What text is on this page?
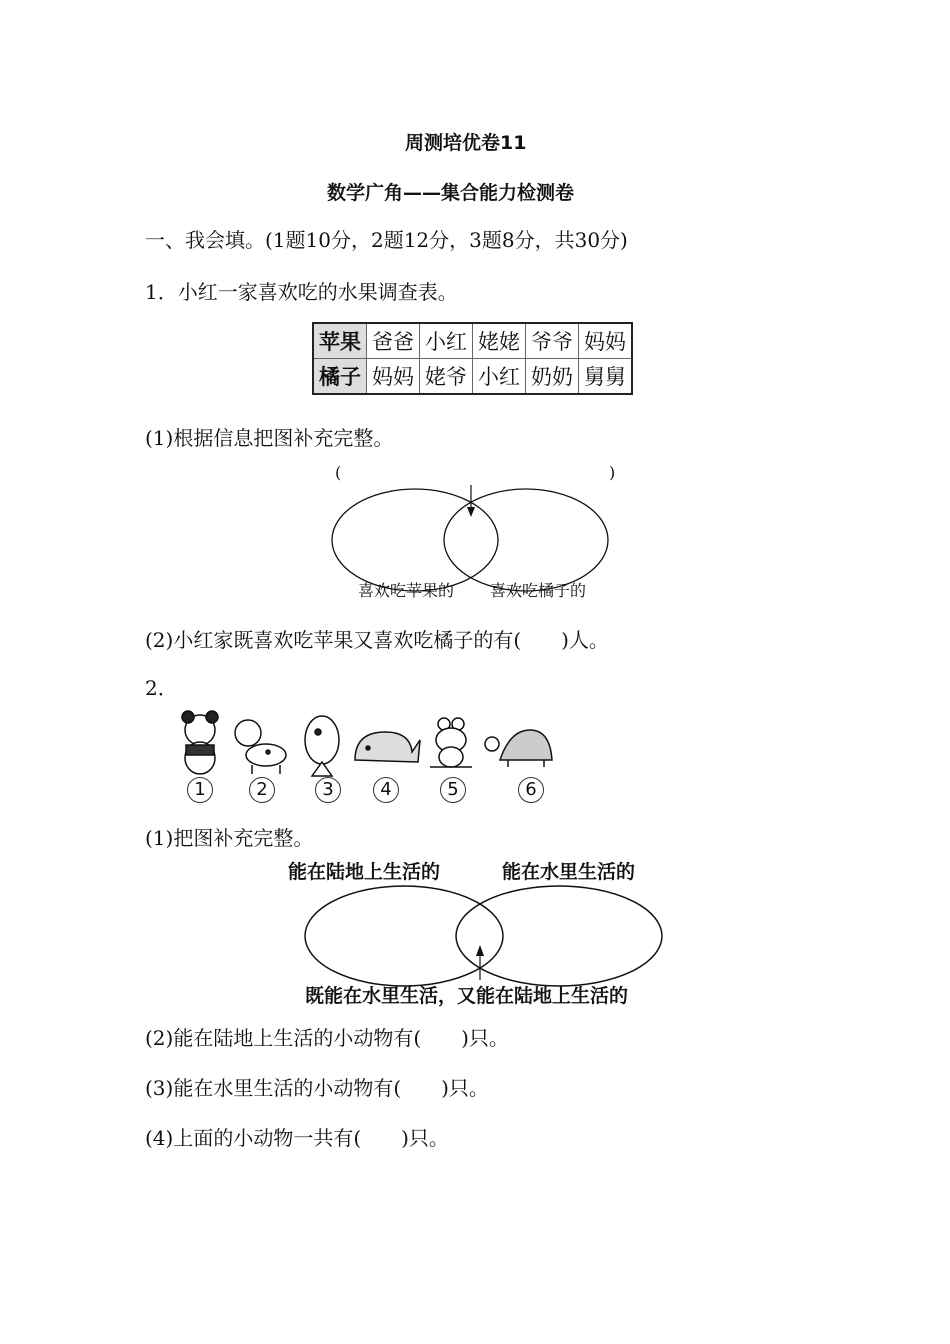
周测培优卷11
数学广角——集合能力检测卷
一、我会填。(1题10分，2题12分，3题8分，共30分)
1．小红一家喜欢吃的水果调查表。
苹果	爸爸	小红	姥姥	爷爷	妈妈
橘子	妈妈	姥爷	小红	奶奶	舅舅
(1)根据信息把图补充完整。
(	)
喜欢吃苹果的 喜欢吃橘子的
(2)小红家既喜欢吃苹果又喜欢吃橘子的有(　　)人。
2．
1	2	3	4	5	6
(1)把图补充完整。
能在陆地上生活的	能在水里生活的
既能在水里生活，又能在陆地上生活的
(2)能在陆地上生活的小动物有(　　)只。
(3)能在水里生活的小动物有(　　)只。
(4)上面的小动物一共有(　　)只。
